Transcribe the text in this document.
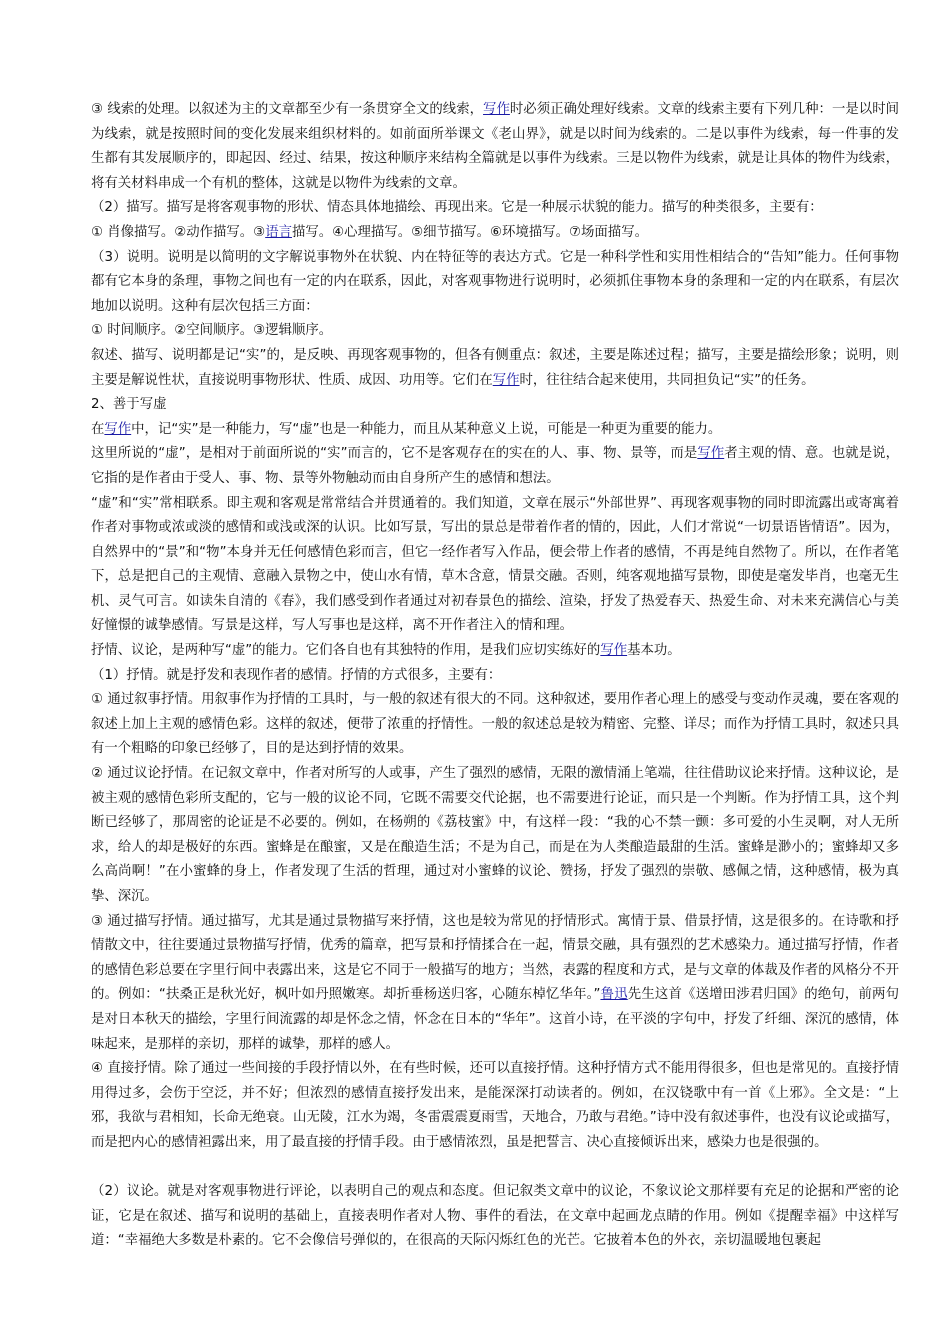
③ 线索的处理。以叙述为主的文章都至少有一条贯穿全文的线索，写作时必须正确处理好线索。文章的线索主要有下列几种：一是以时间为线索，就是按照时间的变化发展来组织材料的。如前面所举课文《老山界》，就是以时间为线索的。二是以事件为线索，每一件事的发生都有其发展顺序的，即起因、经过、结果，按这种顺序来结构全篇就是以事件为线索。三是以物件为线索，就是让具体的物件为线索，将有关材料串成一个有机的整体，这就是以物件为线索的文章。

（2）描写。描写是将客观事物的形状、情态具体地描绘、再现出来。它是一种展示状貌的能力。描写的种类很多，主要有：

① 肖像描写。②动作描写。③语言描写。④心理描写。⑤细节描写。⑥环境描写。⑦场面描写。

（3）说明。说明是以简明的文字解说事物外在状貌、内在特征等的表达方式。它是一种科学性和实用性相结合的“告知”能力。任何事物都有它本身的条理，事物之间也有一定的内在联系，因此，对客观事物进行说明时，必须抓住事物本身的条理和一定的内在联系，有层次地加以说明。这种有层次包括三方面：

① 时间顺序。②空间顺序。③逻辑顺序。

叙述、描写、说明都是记“实”的，是反映、再现客观事物的，但各有侧重点：叙述，主要是陈述过程；描写，主要是描绘形象；说明，则主要是解说性状，直接说明事物形状、性质、成因、功用等。它们在写作时，往往结合起来使用，共同担负记“实”的任务。

2、善于写虚

在写作中，记“实”是一种能力，写“虚”也是一种能力，而且从某种意义上说，可能是一种更为重要的能力。

这里所说的“虚”，是相对于前面所说的“实”而言的，它不是客观存在的实在的人、事、物、景等，而是写作者主观的情、意。也就是说，它指的是作者由于受人、事、物、景等外物触动而由自身所产生的感情和想法。

“虚”和“实”常相联系。即主观和客观是常常结合并贯通着的。我们知道，文章在展示“外部世界”、再现客观事物的同时即流露出或寄寓着作者对事物或浓或淡的感情和或浅或深的认识。比如写景，写出的景总是带着作者的情的，因此，人们才常说“一切景语皆情语”。因为，自然界中的“景”和“物”本身并无任何感情色彩而言，但它一经作者写入作品，便会带上作者的感情，不再是纯自然物了。所以，在作者笔下，总是把自己的主观情、意融入景物之中，使山水有情，草木含意，情景交融。否则，纯客观地描写景物，即使是毫发毕肖，也毫无生机、灵气可言。如读朱自清的《春》，我们感受到作者通过对初春景色的描绘、渲染，抒发了热爱春天、热爱生命、对未来充满信心与美好憧憬的诚挚感情。写景是这样，写人写事也是这样，离不开作者注入的情和理。

抒情、议论，是两种写“虚”的能力。它们各自也有其独特的作用，是我们应切实练好的写作基本功。

（1）抒情。就是抒发和表现作者的感情。抒情的方式很多，主要有：

① 通过叙事抒情。用叙事作为抒情的工具时，与一般的叙述有很大的不同。这种叙述，要用作者心理上的感受与变动作灵魂，要在客观的叙述上加上主观的感情色彩。这样的叙述，便带了浓重的抒情性。一般的叙述总是较为精密、完整、详尽；而作为抒情工具时，叙述只具有一个粗略的印象已经够了，目的是达到抒情的效果。

② 通过议论抒情。在记叙文章中，作者对所写的人或事，产生了强烈的感情，无限的激情涌上笔端，往往借助议论来抒情。这种议论，是被主观的感情色彩所支配的，它与一般的议论不同，它既不需要交代论据，也不需要进行论证，而只是一个判断。作为抒情工具，这个判断已经够了，那周密的论证是不必要的。例如，在杨朔的《荔枝蜜》中，有这样一段：“我的心不禁一颤：多可爱的小生灵啊，对人无所求，给人的却是极好的东西。蜜蜂是在酿蜜，又是在酿造生活；不是为自己，而是在为人类酿造最甜的生活。蜜蜂是渺小的；蜜蜂却又多么高尚啊！”在小蜜蜂的身上，作者发现了生活的哲理，通过对小蜜蜂的议论、赞扬，抒发了强烈的崇敬、感佩之情，这种感情，极为真挚、深沉。

③ 通过描写抒情。通过描写，尤其是通过景物描写来抒情，这也是较为常见的抒情形式。寓情于景、借景抒情，这是很多的。在诗歌和抒情散文中，往往要通过景物描写抒情，优秀的篇章，把写景和抒情揉合在一起，情景交融，具有强烈的艺术感染力。通过描写抒情，作者的感情色彩总要在字里行间中表露出来，这是它不同于一般描写的地方；当然，表露的程度和方式，是与文章的体裁及作者的风格分不开的。例如：“扶桑正是秋光好，枫叶如丹照嫩寒。却折垂杨送归客，心随东棹忆华年。”鲁迅先生这首《送增田涉君归国》的绝句，前两句是对日本秋天的描绘，字里行间流露的却是怀念之情，怀念在日本的“华年”。这首小诗，在平淡的字句中，抒发了纤细、深沉的感情，体味起来，是那样的亲切，那样的诚挚，那样的感人。

④ 直接抒情。除了通过一些间接的手段抒情以外，在有些时候，还可以直接抒情。这种抒情方式不能用得很多，但也是常见的。直接抒情用得过多，会伤于空泛，并不好；但浓烈的感情直接抒发出来，是能深深打动读者的。例如，在汉铙歌中有一首《上邪》。全文是：“上邪，我欲与君相知，长命无绝衰。山无陵，江水为竭，冬雷震震夏雨雪，天地合，乃敢与君绝。”诗中没有叙述事件，也没有议论或描写，而是把内心的感情袒露出来，用了最直接的抒情手段。由于感情浓烈，虽是把誓言、决心直接倾诉出来，感染力也是很强的。

（2）议论。就是对客观事物进行评论，以表明自己的观点和态度。但记叙类文章中的议论，不象议论文那样要有充足的论据和严密的论证，它是在叙述、描写和说明的基础上，直接表明作者对人物、事件的看法，在文章中起画龙点睛的作用。例如《提醒幸福》中这样写道：“幸福绝大多数是朴素的。它不会像信号弹似的，在很高的天际闪烁红色的光芒。它披着本色的外衣，亲切温暖地包裹起
